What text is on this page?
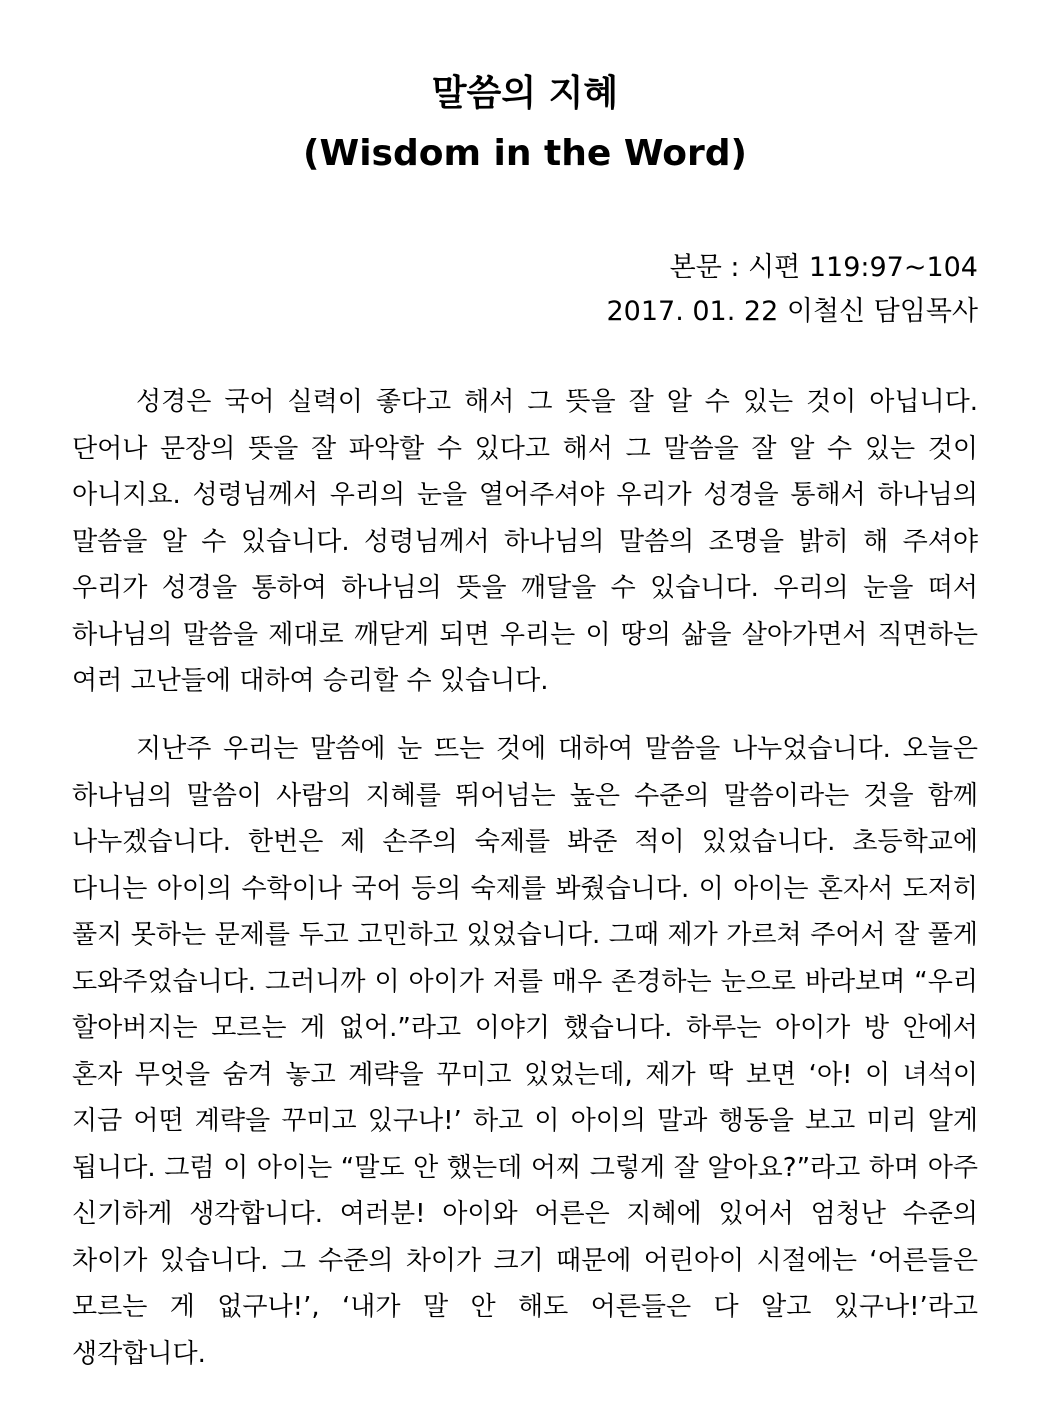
말씀의 지혜
(Wisdom in the Word)
본문 : 시편 119:97~104
2017. 01. 22 이철신 담임목사

성경은 국어 실력이 좋다고 해서 그 뜻을 잘 알 수 있는 것이 아닙니다. 단어나 문장의 뜻을 잘 파악할 수 있다고 해서 그 말씀을 잘 알 수 있는 것이 아니지요. 성령님께서 우리의 눈을 열어주셔야 우리가 성경을 통해서 하나님의 말씀을 알 수 있습니다. 성령님께서 하나님의 말씀의 조명을 밝히 해 주셔야 우리가 성경을 통하여 하나님의 뜻을 깨달을 수 있습니다. 우리의 눈을 떠서 하나님의 말씀을 제대로 깨닫게 되면 우리는 이 땅의 삶을 살아가면서 직면하는 여러 고난들에 대하여 승리할 수 있습니다.

지난주 우리는 말씀에 눈 뜨는 것에 대하여 말씀을 나누었습니다. 오늘은 하나님의 말씀이 사람의 지혜를 뛰어넘는 높은 수준의 말씀이라는 것을 함께 나누겠습니다. 한번은 제 손주의 숙제를 봐준 적이 있었습니다. 초등학교에 다니는 아이의 수학이나 국어 등의 숙제를 봐줬습니다. 이 아이는 혼자서 도저히 풀지 못하는 문제를 두고 고민하고 있었습니다. 그때 제가 가르쳐 주어서 잘 풀게 도와주었습니다. 그러니까 이 아이가 저를 매우 존경하는 눈으로 바라보며 “우리 할아버지는 모르는 게 없어.”라고 이야기 했습니다. 하루는 아이가 방 안에서 혼자 무엇을 숨겨 놓고 계략을 꾸미고 있었는데, 제가 딱 보면 ‘아! 이 녀석이 지금 어떤 계략을 꾸미고 있구나!’ 하고 이 아이의 말과 행동을 보고 미리 알게 됩니다. 그럼 이 아이는 “말도 안 했는데 어찌 그렇게 잘 알아요?”라고 하며 아주 신기하게 생각합니다. 여러분! 아이와 어른은 지혜에 있어서 엄청난 수준의 차이가 있습니다. 그 수준의 차이가 크기 때문에 어린아이 시절에는 ‘어른들은 모르는 게 없구나!’, ‘내가 말 안 해도 어른들은 다 알고 있구나!’라고 생각합니다.
